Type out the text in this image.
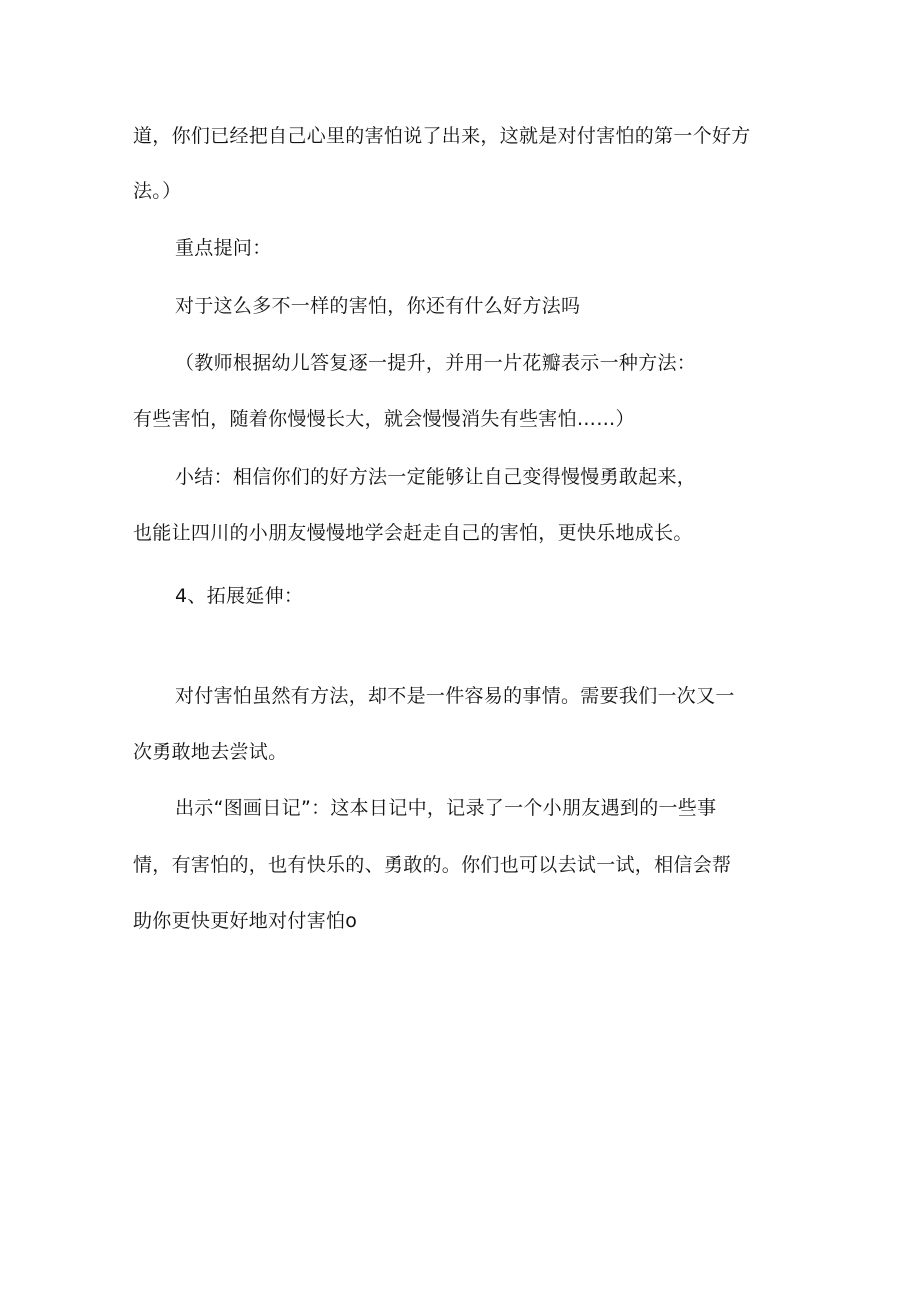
道，你们已经把自己心里的害怕说了出来，这就是对付害怕的第一个好方
法。）
重点提问：
对于这么多不一样的害怕，你还有什么好方法吗
（教师根据幼儿答复逐一提升，并用一片花瓣表示一种方法：
有些害怕，随着你慢慢长大，就会慢慢消失有些害怕……）
小结：相信你们的好方法一定能够让自己变得慢慢勇敢起来，
也能让四川的小朋友慢慢地学会赶走自己的害怕，更快乐地成长。
4、拓展延伸：
对付害怕虽然有方法，却不是一件容易的事情。需要我们一次又一
次勇敢地去尝试。
出示“图画日记”：这本日记中，记录了一个小朋友遇到的一些事
情，有害怕的，也有快乐的、勇敢的。你们也可以去试一试，相信会帮
助你更快更好地对付害怕o
